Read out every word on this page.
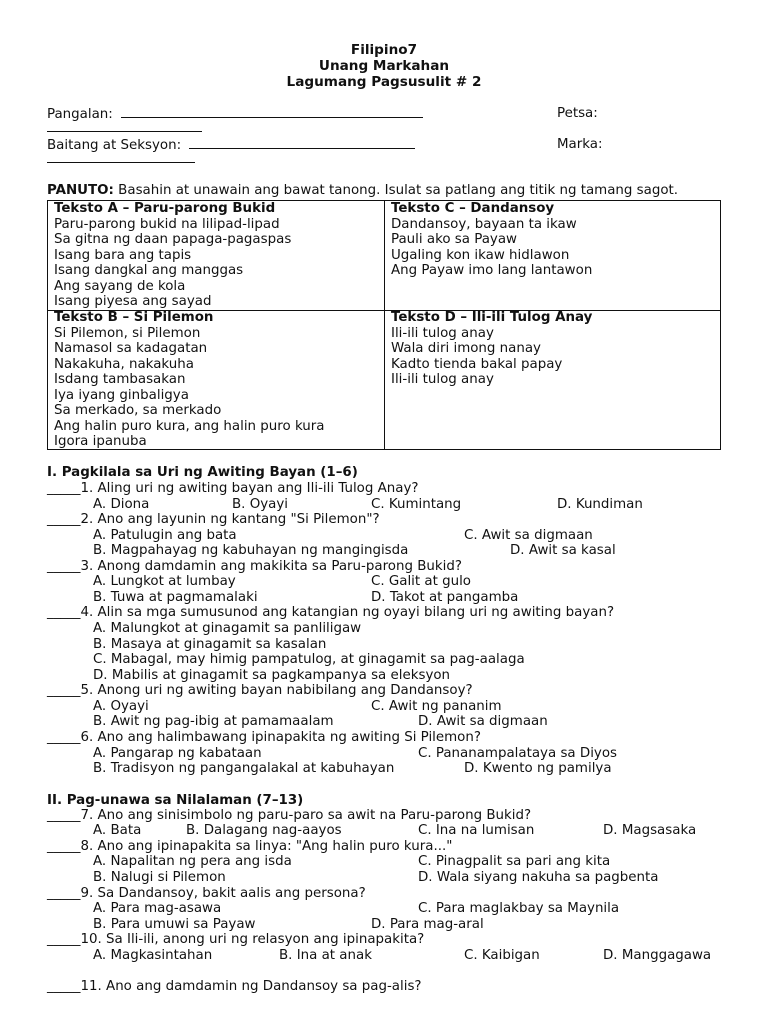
Filipino7
Unang Markahan
Lagumang Pagsusulit # 2
Pangalan:	Petsa:
Baitang at Seksyon:	Marka:
PANUTO: Basahin at unawain ang bawat tanong. Isulat sa patlang ang titik ng tamang sagot.
Teksto A – Paru-parong Bukid
Paru-parong bukid na lilipad-lipad
Sa gitna ng daan papaga-pagaspas
Isang bara ang tapis
Isang dangkal ang manggas
Ang sayang de kola
Isang piyesa ang sayad
Teksto C – Dandansoy
Dandansoy, bayaan ta ikaw
Pauli ako sa Payaw
Ugaling kon ikaw hidlawon
Ang Payaw imo lang lantawon
Teksto B – Si Pilemon
Si Pilemon, si Pilemon
Namasol sa kadagatan
Nakakuha, nakakuha
Isdang tambasakan
Iya iyang ginbaligya
Sa merkado, sa merkado
Ang halin puro kura, ang halin puro kura
Igora ipanuba
Teksto D – Ili-ili Tulog Anay
Ili-ili tulog anay
Wala diri imong nanay
Kadto tienda bakal papay
Ili-ili tulog anay
I. Pagkilala sa Uri ng Awiting Bayan (1–6)
_____1. Aling uri ng awiting bayan ang Ili-ili Tulog Anay?
A. Diona	B. Oyayi	C. Kumintang	D. Kundiman
_____2. Ano ang layunin ng kantang "Si Pilemon"?
A. Patulugin ang bata	C. Awit sa digmaan
B. Magpahayag ng kabuhayan ng mangingisda	D. Awit sa kasal
_____3. Anong damdamin ang makikita sa Paru-parong Bukid?
A. Lungkot at lumbay	C. Galit at gulo
B. Tuwa at pagmamalaki	D. Takot at pangamba
_____4. Alin sa mga sumusunod ang katangian ng oyayi bilang uri ng awiting bayan?
A. Malungkot at ginagamit sa panliligaw
B. Masaya at ginagamit sa kasalan
C. Mabagal, may himig pampatulog, at ginagamit sa pag-aalaga
D. Mabilis at ginagamit sa pagkampanya sa eleksyon
_____5. Anong uri ng awiting bayan nabibilang ang Dandansoy?
A. Oyayi	C. Awit ng pananim
B. Awit ng pag-ibig at pamamaalam	D. Awit sa digmaan
_____6. Ano ang halimbawang ipinapakita ng awiting Si Pilemon?
A. Pangarap ng kabataan	C. Pananampalataya sa Diyos
B. Tradisyon ng pangangalakal at kabuhayan	D. Kwento ng pamilya
II. Pag-unawa sa Nilalaman (7–13)
_____7. Ano ang sinisimbolo ng paru-paro sa awit na Paru-parong Bukid?
A. Bata	B. Dalagang nag-aayos	C. Ina na lumisan	D. Magsasaka
_____8. Ano ang ipinapakita sa linya: "Ang halin puro kura..."
A. Napalitan ng pera ang isda	C. Pinagpalit sa pari ang kita
B. Nalugi si Pilemon	D. Wala siyang nakuha sa pagbenta
_____9. Sa Dandansoy, bakit aalis ang persona?
A. Para mag-asawa	C. Para maglakbay sa Maynila
B. Para umuwi sa Payaw	D. Para mag-aral
_____10. Sa Ili-ili, anong uri ng relasyon ang ipinapakita?
A. Magkasintahan	B. Ina at anak	C. Kaibigan	D. Manggagawa
_____11. Ano ang damdamin ng Dandansoy sa pag-alis?
